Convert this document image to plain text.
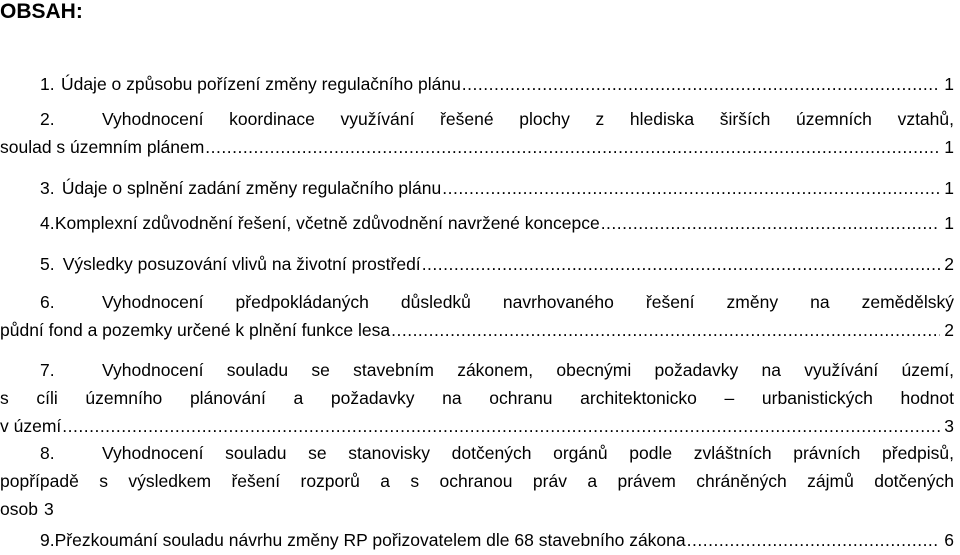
OBSAH:
1. Údaje o způsobu pořízení změny regulačního plánu .....	1
2.	Vyhodnocení koordinace využívání řešené plochy z hlediska širších územních vztahů,
soulad s územním plánem .....	1
3. Údaje o splnění zadání změny regulačního plánu .....	1
4. Komplexní zdůvodnění řešení, včetně zdůvodnění navržené koncepce .....	1
5. Výsledky posuzování vlivů na životní prostředí .....	2
6.	Vyhodnocení předpokládaných důsledků navrhovaného řešení změny na zemědělský
půdní fond a pozemky určené k plnění funkce lesa .....	2
7.	Vyhodnocení souladu se stavebním zákonem, obecnými požadavky na využívání území,
s cíli územního plánování a požadavky na ochranu architektonicko – urbanistických hodnot
v území .....	3
8.	Vyhodnocení souladu se stanovisky dotčených orgánů podle zvláštních právních předpisů,
popřípadě s výsledkem řešení rozporů a s ochranou práv a právem chráněných zájmů dotčených
osob 3
9. Přezkoumání souladu návrhu změny RP pořizovatelem dle 68 stavebního zákona .....	6
